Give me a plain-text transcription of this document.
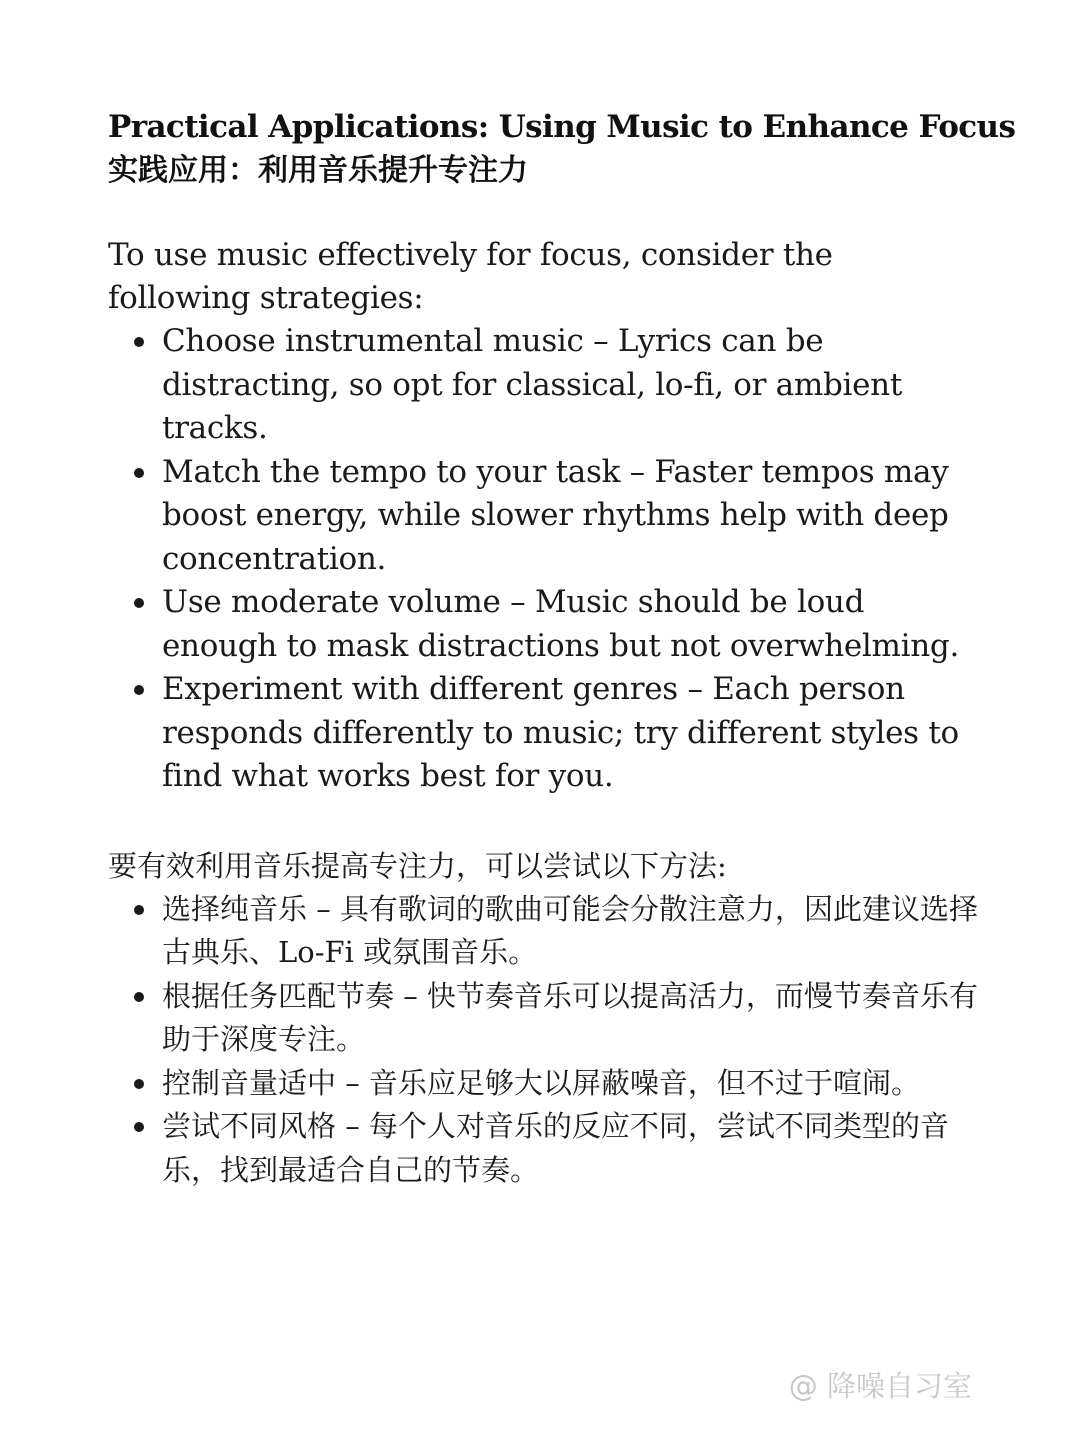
Practical Applications: Using Music to Enhance Focus
实践应用：利用音乐提升专注力

To use music effectively for focus, consider the following strategies:

Choose instrumental music – Lyrics can be distracting, so opt for classical, lo-fi, or ambient tracks.
Match the tempo to your task – Faster tempos may boost energy, while slower rhythms help with deep concentration.
Use moderate volume – Music should be loud enough to mask distractions but not overwhelming.
Experiment with different genres – Each person responds differently to music; try different styles to find what works best for you.

要有效利用音乐提高专注力，可以尝试以下方法:

选择纯音乐 – 具有歌词的歌曲可能会分散注意力，因此建议选择古典乐、Lo-Fi 或氛围音乐。
根据任务匹配节奏 – 快节奏音乐可以提高活力，而慢节奏音乐有助于深度专注。
控制音量适中 – 音乐应足够大以屏蔽噪音，但不过于喧闹。
尝试不同风格 – 每个人对音乐的反应不同，尝试不同类型的音乐，找到最适合自己的节奏。
@ 降噪自习室
